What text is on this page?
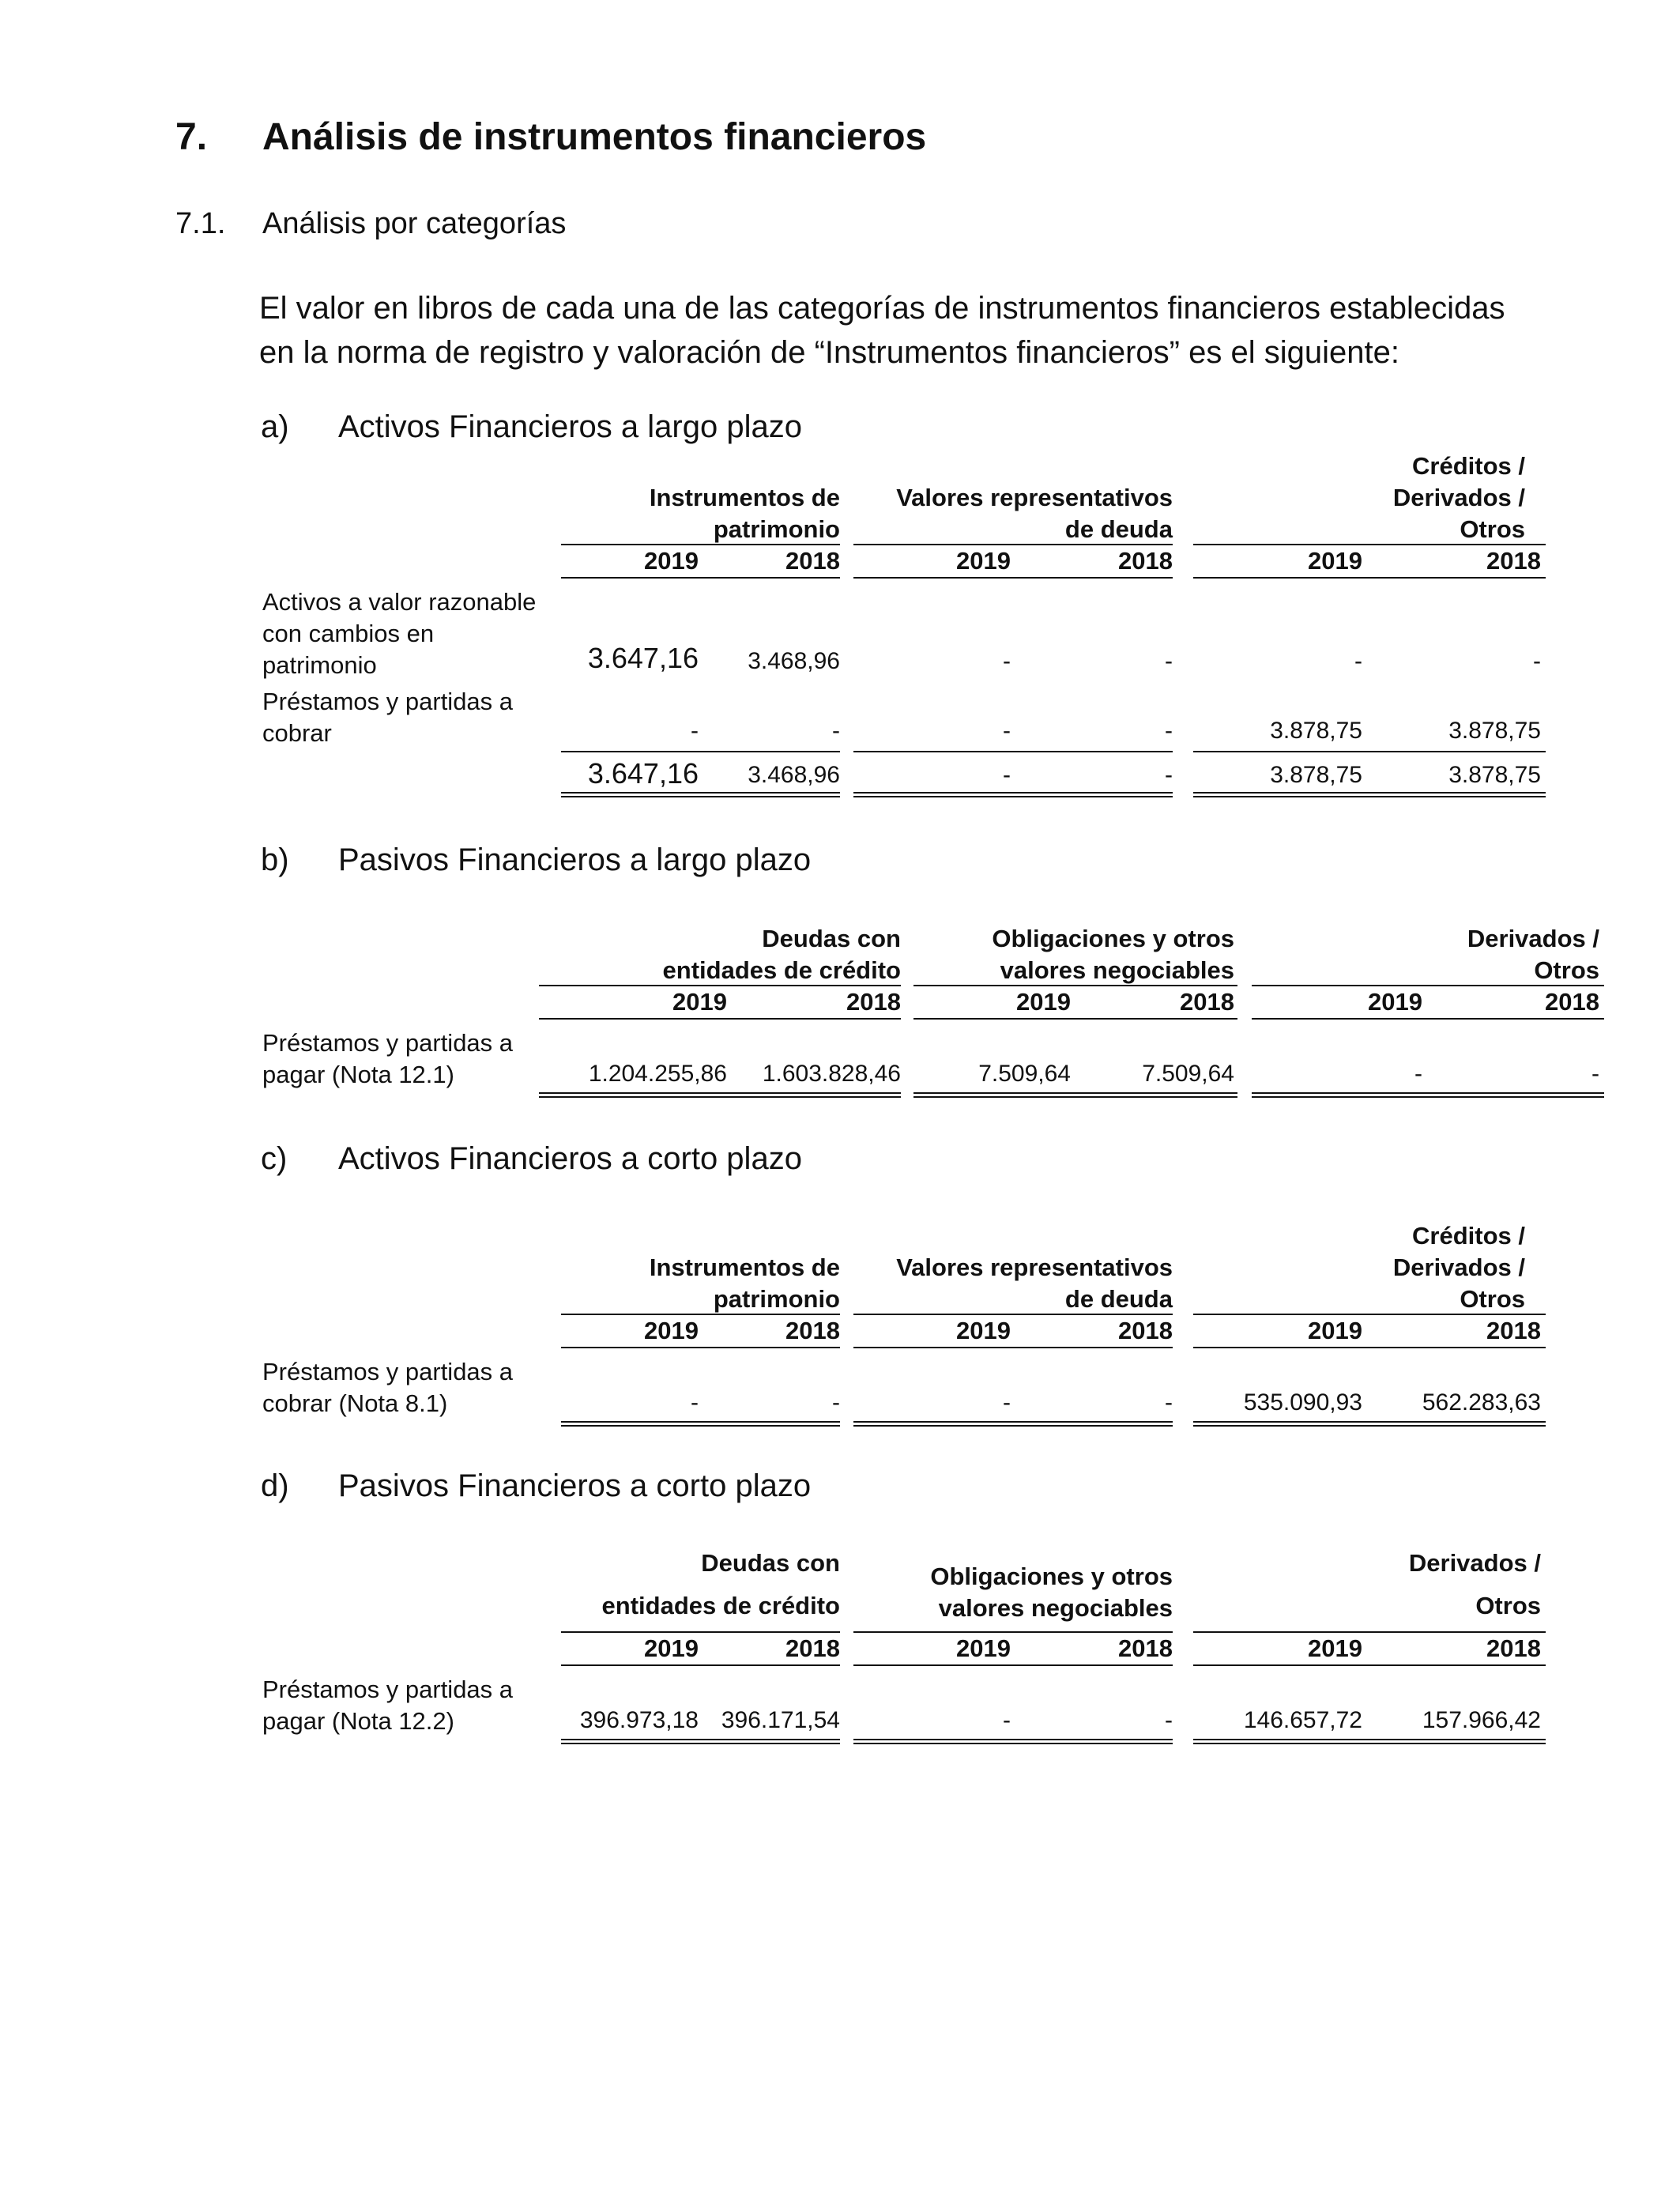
7. Análisis de instrumentos financieros
7.1. Análisis por categorías
El valor en libros de cada una de las categorías de instrumentos financieros establecidas
en la norma de registro y valoración de “Instrumentos financieros” es el siguiente:
a) Activos Financieros a largo plazo
Instrumentos de
patrimonio
Valores representativos
de deuda
Créditos /
Derivados /
Otros
2019	2018	2019	2018	2019	2018
Activos a valor razonable
con cambios en
patrimonio	3.647,16 3.468,96	-	-	-	-
Préstamos y partidas a
cobrar	-	-	-	-	3.878,75	3.878,75
3.647,16 3.468,96	-	-	3.878,75	3.878,75
b) Pasivos Financieros a largo plazo
Deudas con
entidades de crédito
Obligaciones y otros
valores negociables
Derivados /
Otros
2019	2018	2019	2018	2019	2018
Préstamos y partidas a
pagar (Nota 12.1)	1.204.255,86 1.603.828,46	7.509,64	7.509,64	-	-
c) Activos Financieros a corto plazo
Instrumentos de
patrimonio
Valores representativos
de deuda
Créditos /
Derivados /
Otros
2019	2018	2019	2018	2019	2018
Préstamos y partidas a
cobrar (Nota 8.1)	-	-	-	-	535.090,93	562.283,63
d) Pasivos Financieros a corto plazo
Deudas con
entidades de crédito
Obligaciones y otros
valores negociables
Derivados /
Otros
2019	2018	2019	2018	2019	2018
Préstamos y partidas a
pagar (Nota 12.2)	396.973,18 396.171,54	-	-	146.657,72	157.966,42
